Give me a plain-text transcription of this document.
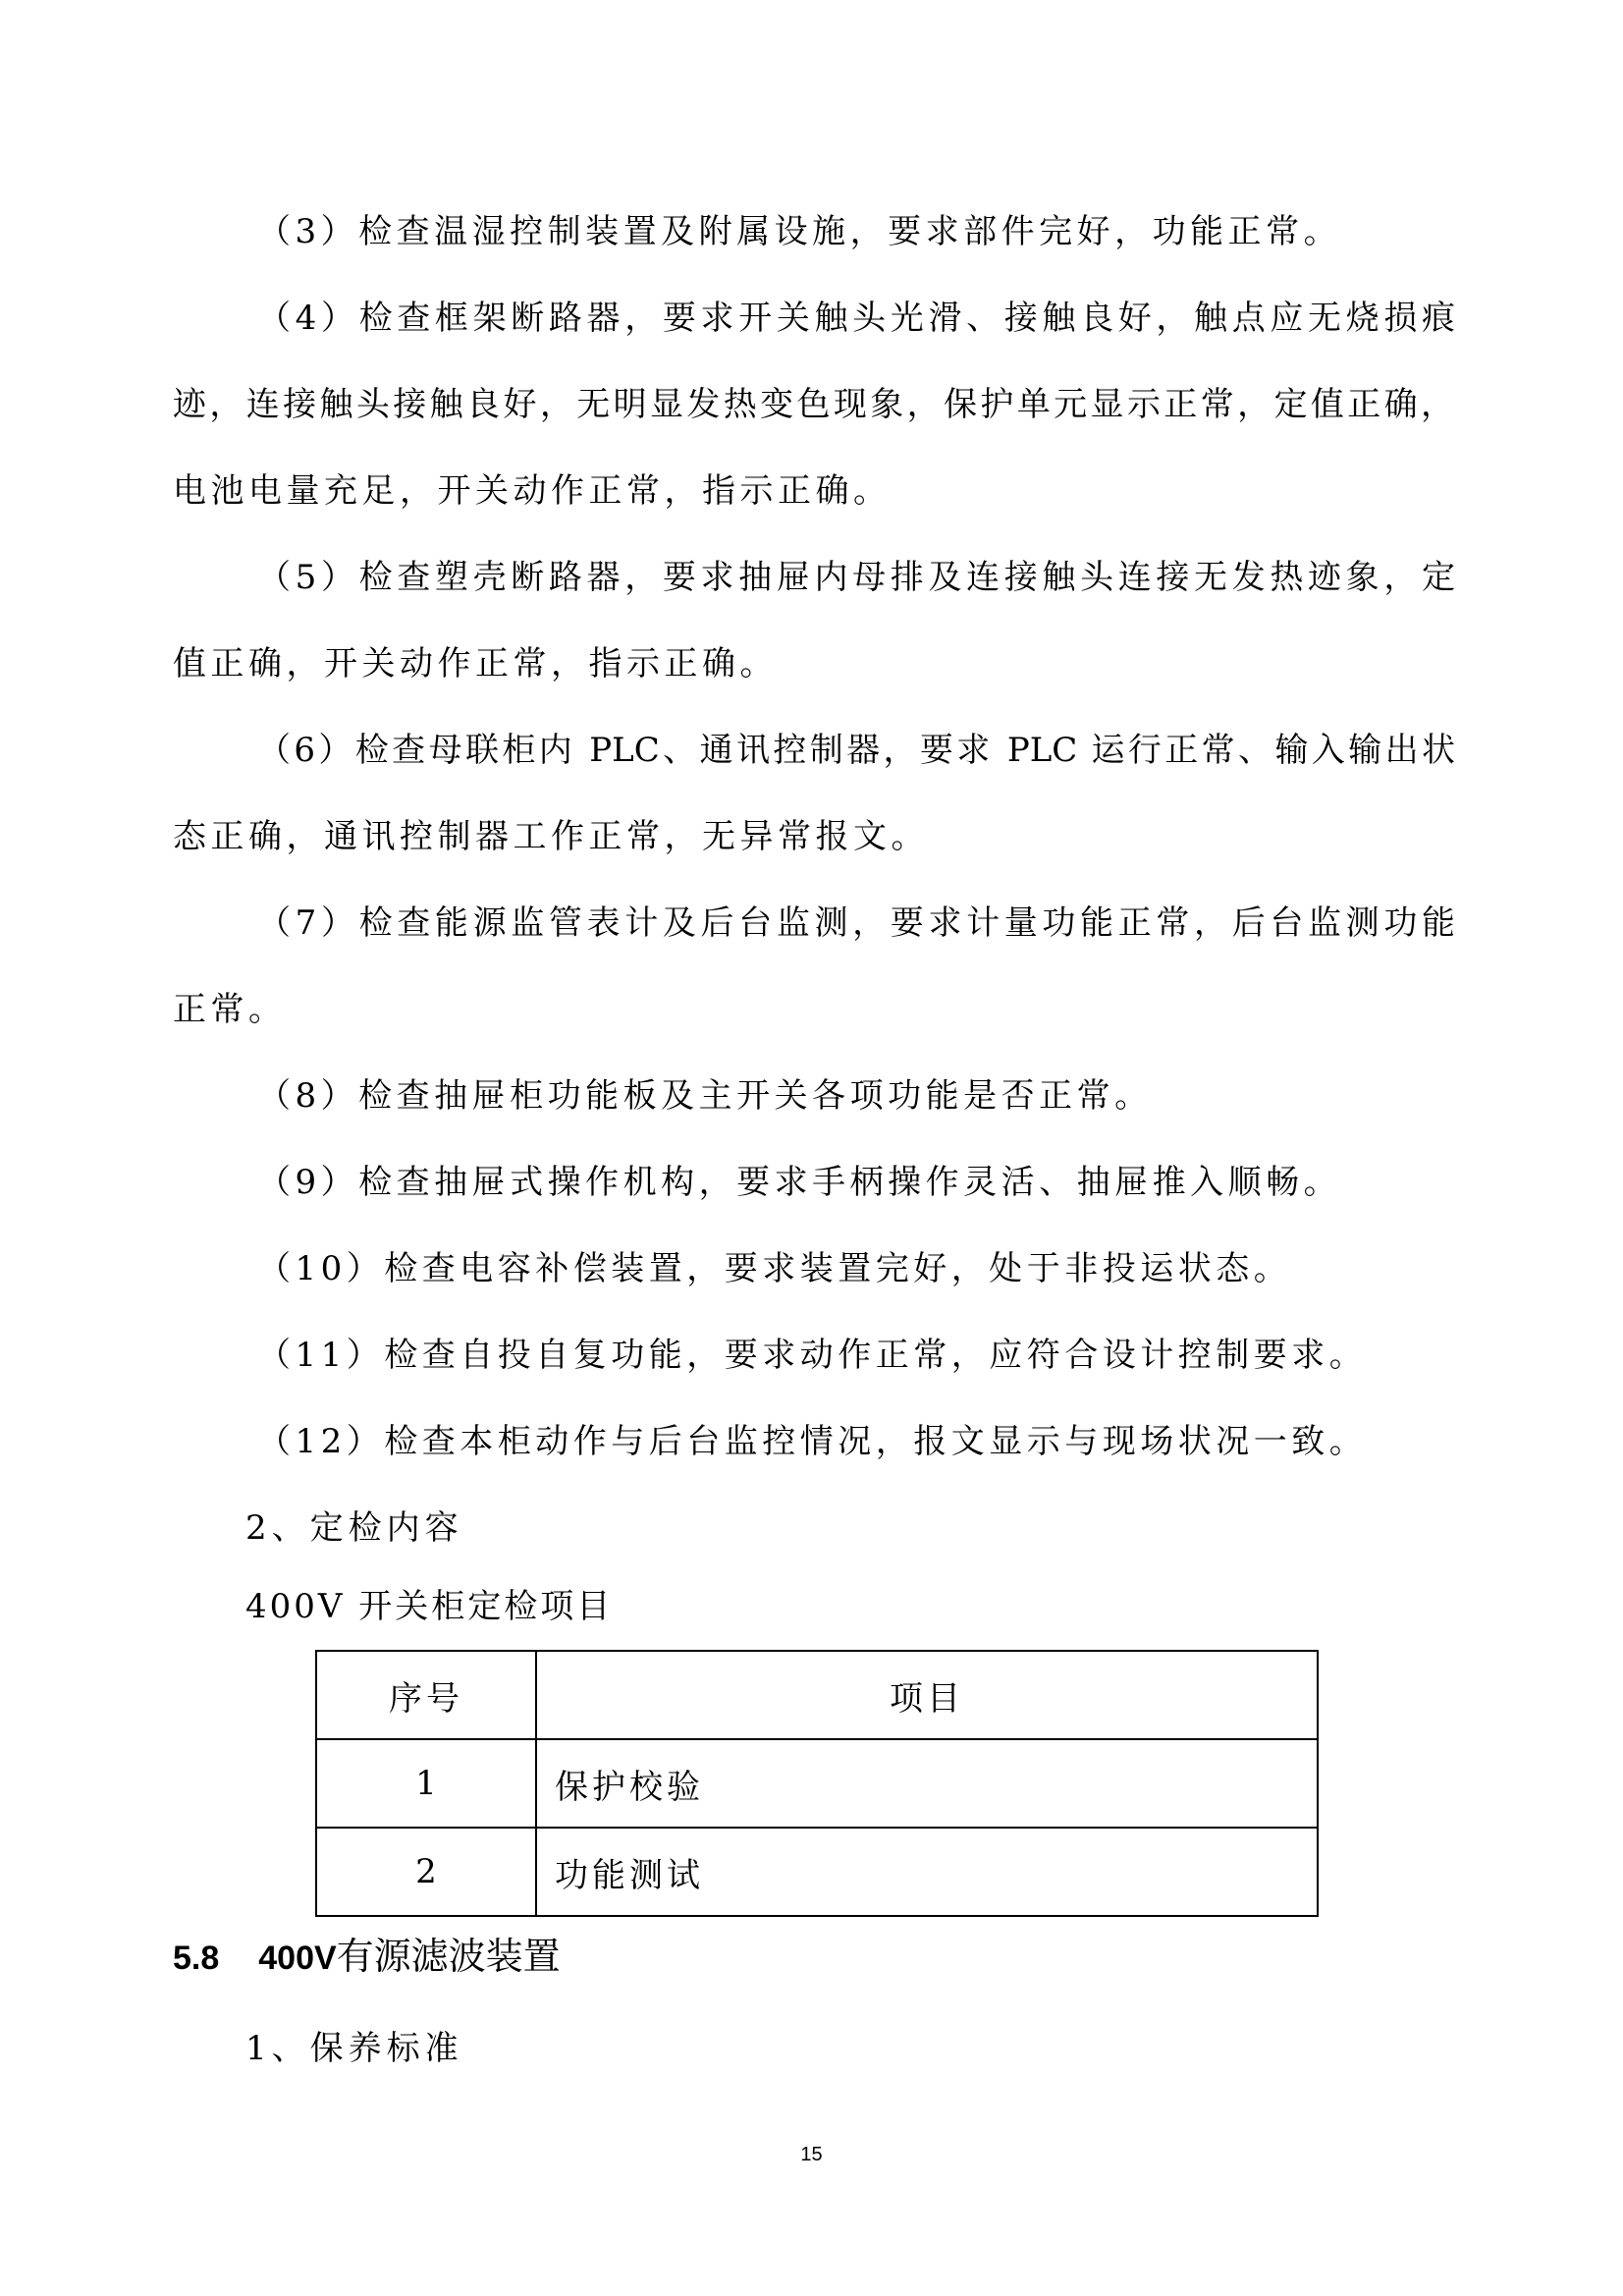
（3）检查温湿控制装置及附属设施，要求部件完好，功能正常。
（4）检查框架断路器，要求开关触头光滑、接触良好，触点应无烧损痕
迹，连接触头接触良好，无明显发热变色现象，保护单元显示正常，定值正确，
电池电量充足，开关动作正常，指示正确。
（5）检查塑壳断路器，要求抽屉内母排及连接触头连接无发热迹象，定
值正确，开关动作正常，指示正确。
（6）检查母联柜内 PLC、通讯控制器，要求 PLC 运行正常、输入输出状
态正确，通讯控制器工作正常，无异常报文。
（7）检查能源监管表计及后台监测，要求计量功能正常，后台监测功能
正常。
（8）检查抽屉柜功能板及主开关各项功能是否正常。
（9）检查抽屉式操作机构，要求手柄操作灵活、抽屉推入顺畅。
（10）检查电容补偿装置，要求装置完好，处于非投运状态。
（11）检查自投自复功能，要求动作正常，应符合设计控制要求。
（12）检查本柜动作与后台监控情况，报文显示与现场状况一致。
2、定检内容
400V 开关柜定检项目
序号	项目
1	保护校验
2	功能测试
5.8 400V有源滤波装置
1、保养标准
15
